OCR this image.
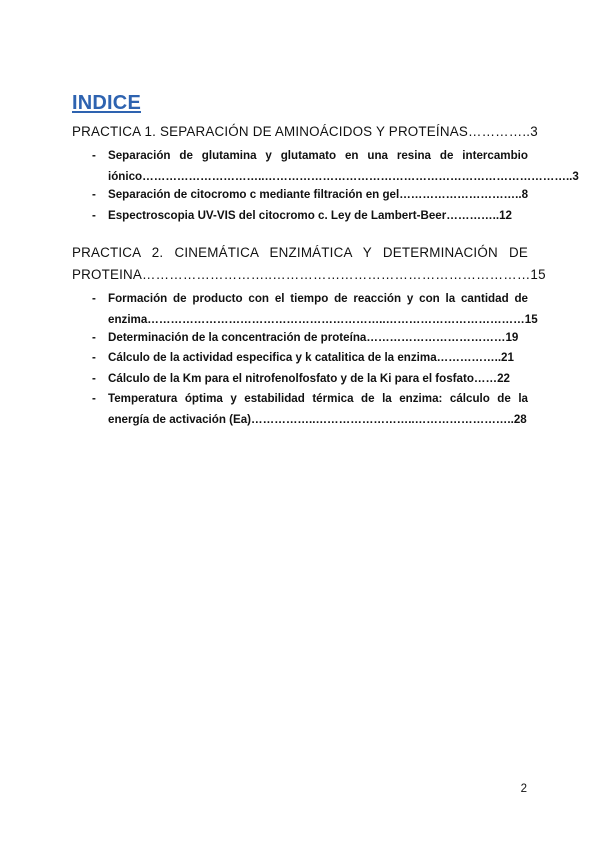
INDICE
PRACTICA 1. SEPARACIÓN DE AMINOÁCIDOS Y PROTEÍNAS…………..3
-	Separación de glutamina y glutamato en una resina de intercambio
iónico…………………………..……………………………………………………………………..3
-	Separación de citocromo c mediante filtración en gel…………………………..8
-	Espectroscopia UV-VIS del citocromo c. Ley de Lambert-Beer…………..12
PRACTICA 2. CINEMÁTICA ENZIMÁTICA Y DETERMINACIÓN DE
PROTEINA………………………..…………………………………………………15
-	Formación de producto con el tiempo de reacción y con la cantidad de
enzima……………………………………………………..………………………………15
-	Determinación de la concentración de proteína………………………………19
-	Cálculo de la actividad especifica y k catalitica de la enzima……………..21
-	Cálculo de la Km para el nitrofenolfosfato y de la Ki para el fosfato……22
-	Temperatura óptima y estabilidad térmica de la enzima: cálculo de la
energía de activación (Ea)……………..……………………..……………………..28
2
